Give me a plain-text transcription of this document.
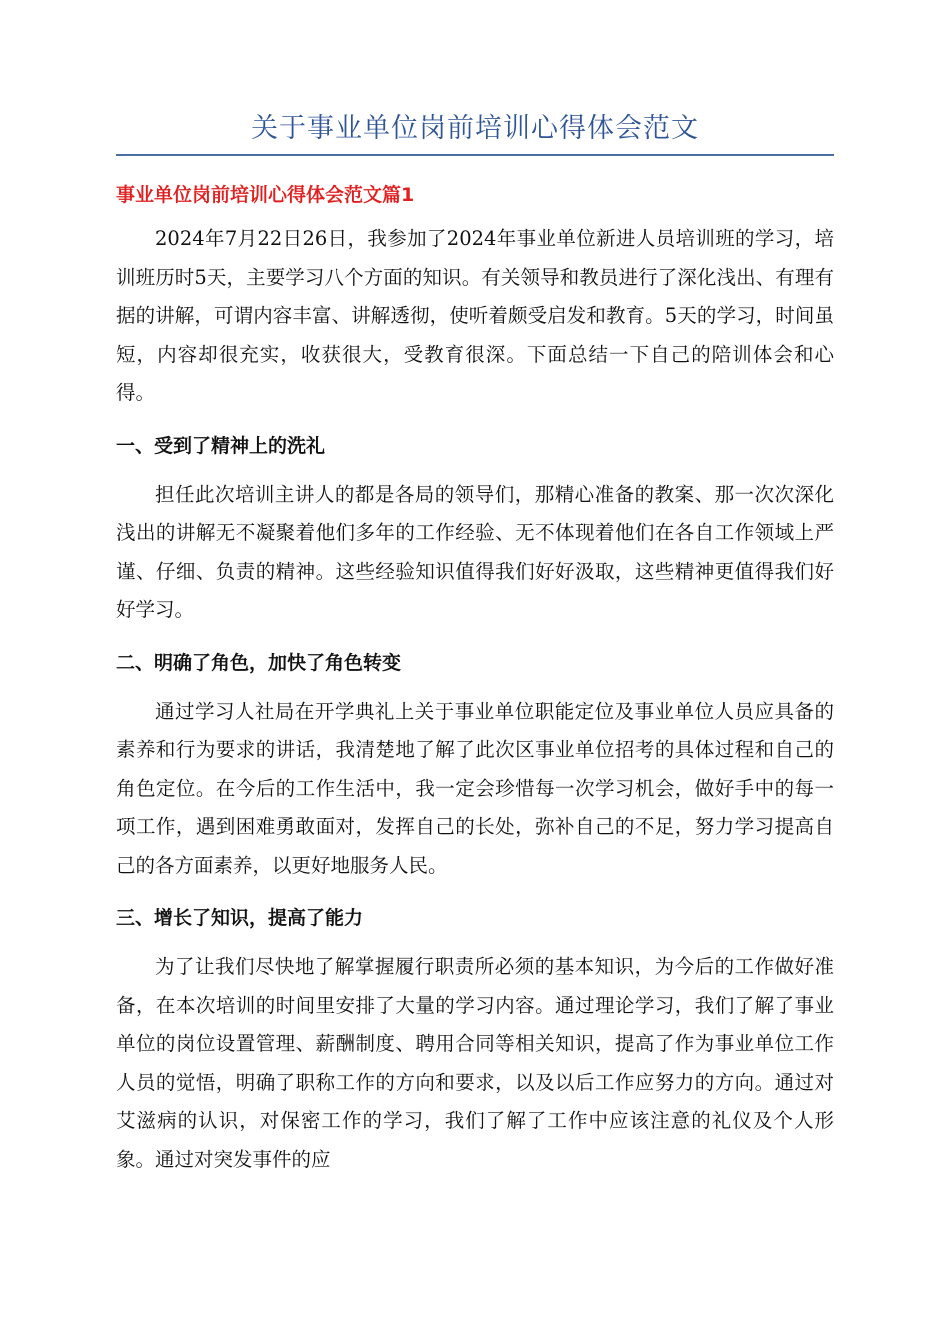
关于事业单位岗前培训心得体会范文
事业单位岗前培训心得体会范文篇1

2024年7月22日26日，我参加了2024年事业单位新进人员培训班的学习，培训班历时5天，主要学习八个方面的知识。有关领导和教员进行了深化浅出、有理有据的讲解，可谓内容丰富、讲解透彻，使听着颇受启发和教育。5天的学习，时间虽短，内容却很充实，收获很大，受教育很深。下面总结一下自己的陪训体会和心得。

一、受到了精神上的洗礼

担任此次培训主讲人的都是各局的领导们，那精心准备的教案、那一次次深化浅出的讲解无不凝聚着他们多年的工作经验、无不体现着他们在各自工作领域上严谨、仔细、负责的精神。这些经验知识值得我们好好汲取，这些精神更值得我们好好学习。

二、明确了角色，加快了角色转变

通过学习人社局在开学典礼上关于事业单位职能定位及事业单位人员应具备的素养和行为要求的讲话，我清楚地了解了此次区事业单位招考的具体过程和自己的角色定位。在今后的工作生活中，我一定会珍惜每一次学习机会，做好手中的每一项工作，遇到困难勇敢面对，发挥自己的长处，弥补自己的不足，努力学习提高自己的各方面素养，以更好地服务人民。

三、增长了知识，提高了能力

为了让我们尽快地了解掌握履行职责所必须的基本知识，为今后的工作做好准备，在本次培训的时间里安排了大量的学习内容。通过理论学习，我们了解了事业单位的岗位设置管理、薪酬制度、聘用合同等相关知识，提高了作为事业单位工作人员的觉悟，明确了职称工作的方向和要求，以及以后工作应努力的方向。通过对艾滋病的认识，对保密工作的学习，我们了解了工作中应该注意的礼仪及个人形象。通过对突发事件的应
